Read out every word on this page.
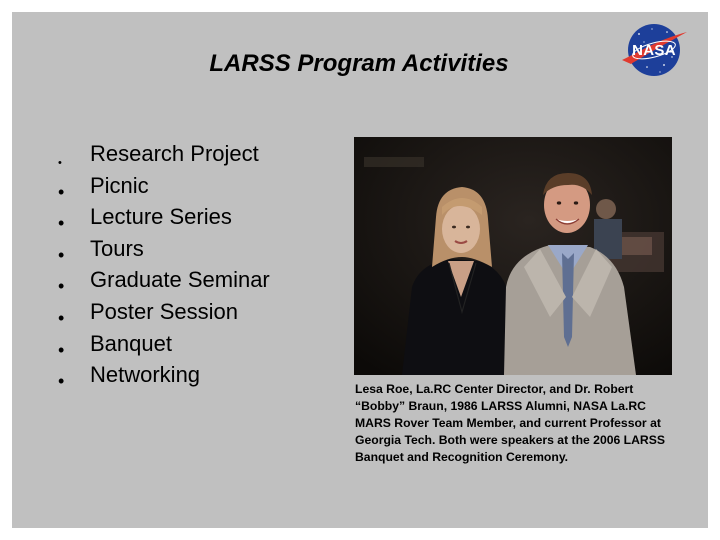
LARSS Program Activities	NASA
• Research Project
• Picnic
• Lecture Series
• Tours
• Graduate Seminar
• Poster Session
• Banquet
• Networking
Lesa Roe, La.RC Center Director, and Dr. Robert “Bobby” Braun, 1986 LARSS Alumni, NASA La.RC MARS Rover Team Member, and current Professor at Georgia Tech. Both were speakers at the 2006 LARSS Banquet and Recognition Ceremony.
